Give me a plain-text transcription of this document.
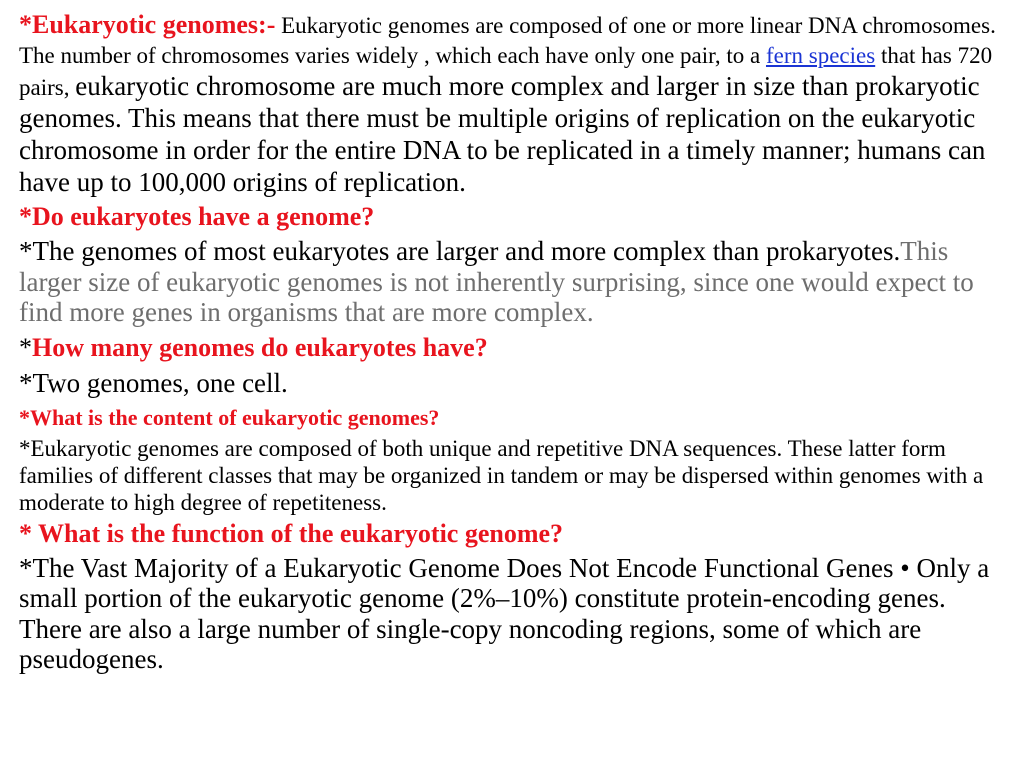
*Eukaryotic genomes:- Eukaryotic genomes are composed of one or more linear DNA chromosomes. The number of chromosomes varies widely , which each have only one pair, to a fern species that has 720 pairs, eukaryotic chromosome are much more complex and larger in size than prokaryotic genomes. This means that there must be multiple origins of replication on the eukaryotic chromosome in order for the entire DNA to be replicated in a timely manner; humans can have up to 100,000 origins of replication.

*Do eukaryotes have a genome?

*The genomes of most eukaryotes are larger and more complex than prokaryotes.This larger size of eukaryotic genomes is not inherently surprising, since one would expect to find more genes in organisms that are more complex.

*How many genomes do eukaryotes have?

*Two genomes, one cell.

*What is the content of eukaryotic genomes?

*Eukaryotic genomes are composed of both unique and repetitive DNA sequences. These latter form families of different classes that may be organized in tandem or may be dispersed within genomes with a moderate to high degree of repetiteness.

* What is the function of the eukaryotic genome?

*The Vast Majority of a Eukaryotic Genome Does Not Encode Functional Genes • Only a small portion of the eukaryotic genome (2%–10%) constitute protein-encoding genes. There are also a large number of single-copy noncoding regions, some of which are pseudogenes.
